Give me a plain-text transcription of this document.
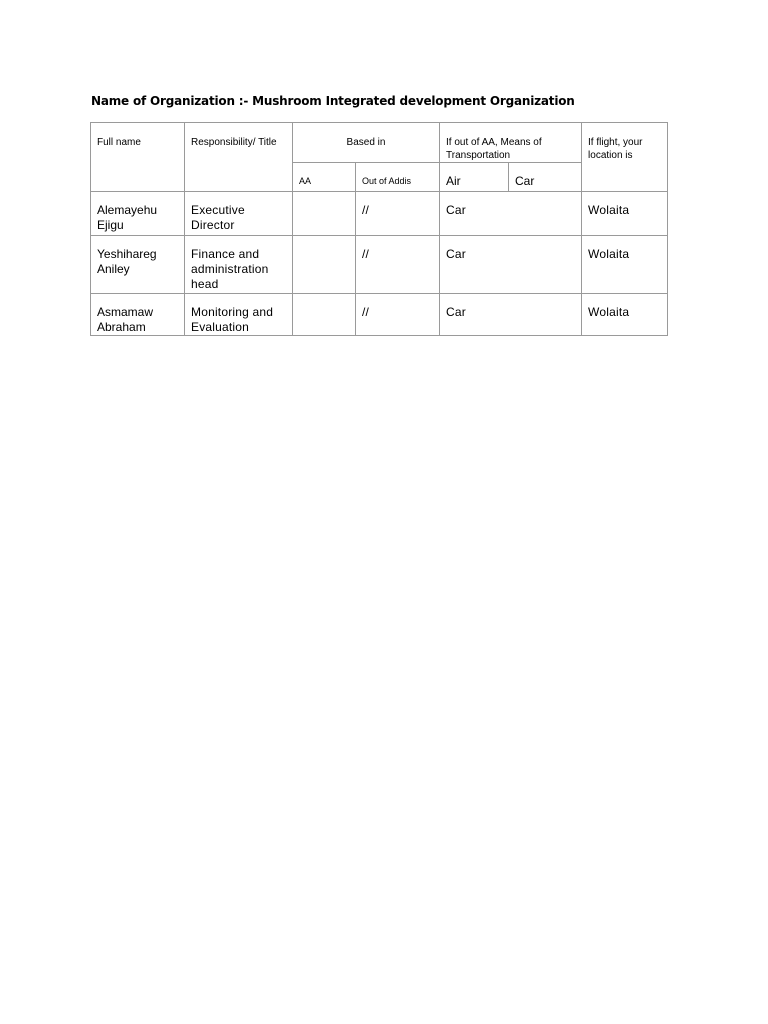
Name of Organization :- Mushroom Integrated development Organization
Full name	Responsibility/ Title	Based in		If out of AA, Means of Transportation		If flight, your location is
		AA	Out of Addis	Air	Car	
Alemayehu Ejigu	Executive Director		//	Car		Wolaita
Yeshihareg Aniley	Finance and administration head		//	Car		Wolaita
Asmamaw Abraham	Monitoring and Evaluation		//	Car		Wolaita
